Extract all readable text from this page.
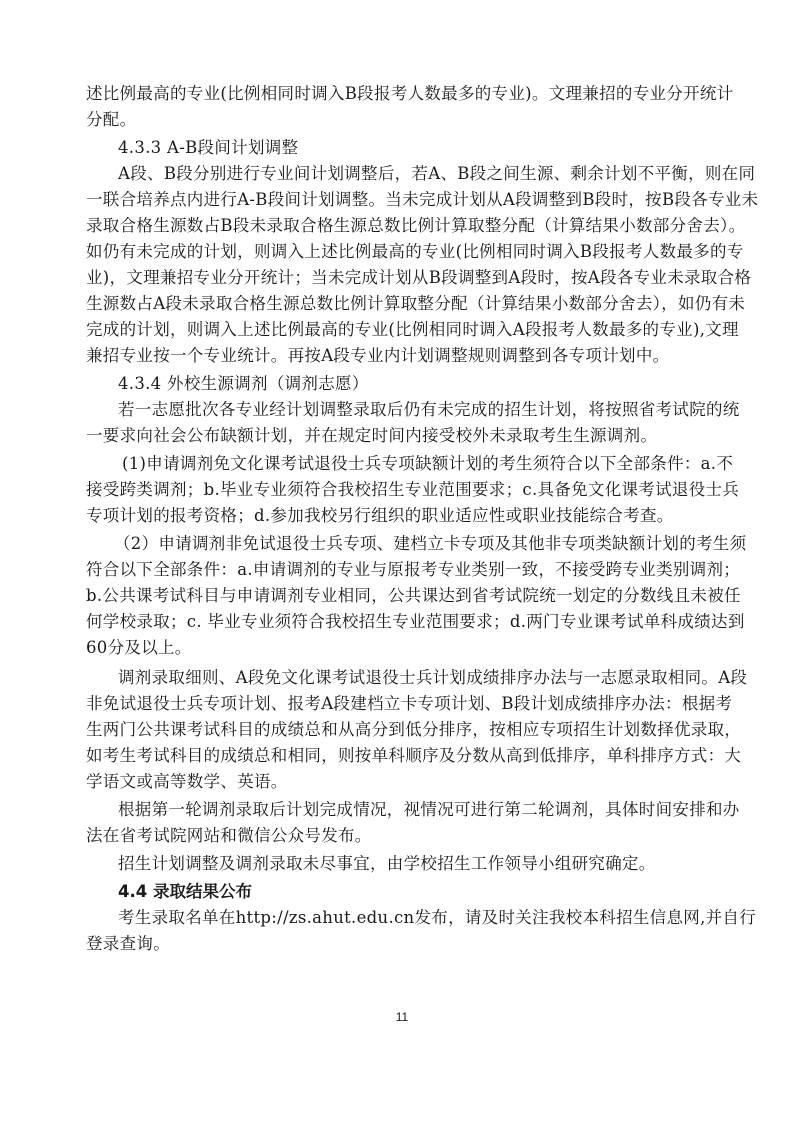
述比例最高的专业(比例相同时调入B段报考人数最多的专业)。文理兼招的专业分开统计
分配。
4.3.3 A-B段间计划调整
A段、B段分别进行专业间计划调整后，若A、B段之间生源、剩余计划不平衡，则在同
一联合培养点内进行A-B段间计划调整。当未完成计划从A段调整到B段时，按B段各专业未
录取合格生源数占B段未录取合格生源总数比例计算取整分配（计算结果小数部分舍去）。
如仍有未完成的计划，则调入上述比例最高的专业(比例相同时调入B段报考人数最多的专
业)，文理兼招专业分开统计；当未完成计划从B段调整到A段时，按A段各专业未录取合格
生源数占A段未录取合格生源总数比例计算取整分配（计算结果小数部分舍去），如仍有未
完成的计划，则调入上述比例最高的专业(比例相同时调入A段报考人数最多的专业),文理
兼招专业按一个专业统计。再按A段专业内计划调整规则调整到各专项计划中。
4.3.4 外校生源调剂（调剂志愿）
若一志愿批次各专业经计划调整录取后仍有未完成的招生计划，将按照省考试院的统
一要求向社会公布缺额计划，并在规定时间内接受校外未录取考生生源调剂。
(1)申请调剂免文化课考试退役士兵专项缺额计划的考生须符合以下全部条件：a.不
接受跨类调剂；b.毕业专业须符合我校招生专业范围要求；c.具备免文化课考试退役士兵
专项计划的报考资格；d.参加我校另行组织的职业适应性或职业技能综合考查。
（2）申请调剂非免试退役士兵专项、建档立卡专项及其他非专项类缺额计划的考生须
符合以下全部条件：a.申请调剂的专业与原报考专业类别一致，不接受跨专业类别调剂；
b.公共课考试科目与申请调剂专业相同，公共课达到省考试院统一划定的分数线且未被任
何学校录取；c. 毕业专业须符合我校招生专业范围要求；d.两门专业课考试单科成绩达到
60分及以上。
调剂录取细则、A段免文化课考试退役士兵计划成绩排序办法与一志愿录取相同。A段
非免试退役士兵专项计划、报考A段建档立卡专项计划、B段计划成绩排序办法：根据考
生两门公共课考试科目的成绩总和从高分到低分排序，按相应专项招生计划数择优录取，
如考生考试科目的成绩总和相同，则按单科顺序及分数从高到低排序，单科排序方式：大
学语文或高等数学、英语。
根据第一轮调剂录取后计划完成情况，视情况可进行第二轮调剂，具体时间安排和办
法在省考试院网站和微信公众号发布。
招生计划调整及调剂录取未尽事宜，由学校招生工作领导小组研究确定。
4.4 录取结果公布
考生录取名单在http://zs.ahut.edu.cn发布，请及时关注我校本科招生信息网,并自行
登录查询。
11
